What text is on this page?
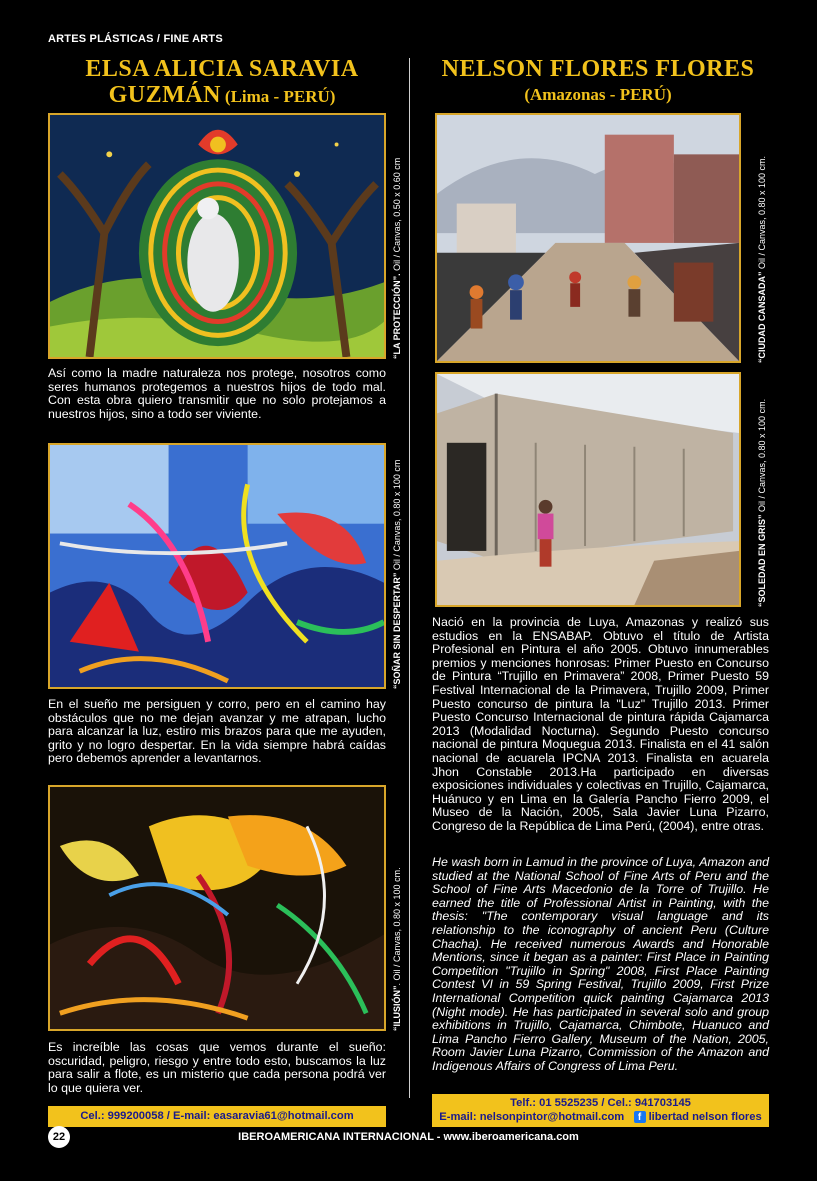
ARTES PLÁSTICAS / FINE ARTS
ELSA ALICIA SARAVIA
GUZMÁN (Lima - PERÚ)
“LA PROTECCIÓN”. Oil / Canvas, 0.50 x 0.60 cm
Así como la madre naturaleza nos protege, nosotros como seres humanos protegemos a nuestros hijos de todo mal. Con esta obra quiero transmitir que no solo protejamos a nuestros hijos, sino a todo ser viviente.
“SOÑAR SIN DESPERTAR” Oil / Canvas, 0.80 x 100 cm
En el sueño me persiguen y corro, pero en el camino hay obstáculos que no me dejan avanzar y me atrapan, lucho para alcanzar la luz, estiro mis brazos para que me ayuden, grito y no logro despertar. En la vida siempre habrá caídas pero debemos aprender a levantarnos.
“ILUSIÓN”. Oil / Canvas, 0.80 x 100 cm.
Es increíble las cosas que vemos durante el sueño: oscuridad, peligro, riesgo y entre todo esto, buscamos la luz para salir a flote, es un misterio que cada persona podrá ver lo que quiera ver.
Cel.: 999200058 / E-mail: easaravia61@hotmail.com
NELSON FLORES FLORES
(Amazonas - PERÚ)
“CIUDAD CANSADA” Oil / Canvas, 0.80 x 100 cm.
“SOLEDAD EN GRIS” Oil / Canvas, 0.80 x 100 cm.
Nació en la provincia de Luya, Amazonas y realizó sus estudios en la ENSABAP. Obtuvo el título de Artista Profesional en Pintura el año 2005. Obtuvo innumerables premios y menciones honrosas: Primer Puesto en Concurso de Pintura “Trujillo en Primavera” 2008, Primer Puesto 59 Festival Internacional de la Primavera, Trujillo 2009, Primer Puesto concurso de pintura la "Luz" Trujillo 2013. Primer Puesto Concurso Internacional de pintura rápida Cajamarca 2013 (Modalidad Nocturna). Segundo Puesto concurso nacional de pintura Moquegua 2013. Finalista en el 41 salón nacional de acuarela IPCNA 2013. Finalista en acuarela Jhon Constable 2013.Ha participado en diversas exposiciones individuales y colectivas en Trujillo, Cajamarca, Huánuco y en Lima en la Galería Pancho Fierro 2009, el Museo de la Nación, 2005, Sala Javier Luna Pizarro, Congreso de la República de Lima Perú, (2004), entre otras.
He wash born in Lamud in the province of Luya, Amazon and studied at the National School of Fine Arts of Peru and the School of Fine Arts Macedonio de la Torre of Trujillo. He earned the title of Professional Artist in Painting, with the thesis: "The contemporary visual language and its relationship to the iconography of ancient Peru (Culture Chacha). He received numerous Awards and Honorable Mentions, since it began as a painter: First Place in Painting Competition "Trujillo in Spring" 2008, First Place Painting Contest VI in 59 Spring Festival, Trujillo 2009, First Prize International Competition quick painting Cajamarca 2013 (Night mode). He has participated in several solo and group exhibitions in Trujillo, Cajamarca, Chimbote, Huanuco and Lima Pancho Fierro Gallery, Museum of the Nation, 2005, Room Javier Luna Pizarro, Commission of the Amazon and Indigenous Affairs of Congress of Lima Peru.
Telf.: 01 5525235 / Cel.: 941703145
E-mail: nelsonpintor@hotmail.com f libertad nelson flores
22	IBEROAMERICANA INTERNACIONAL - www.iberoamericana.com
